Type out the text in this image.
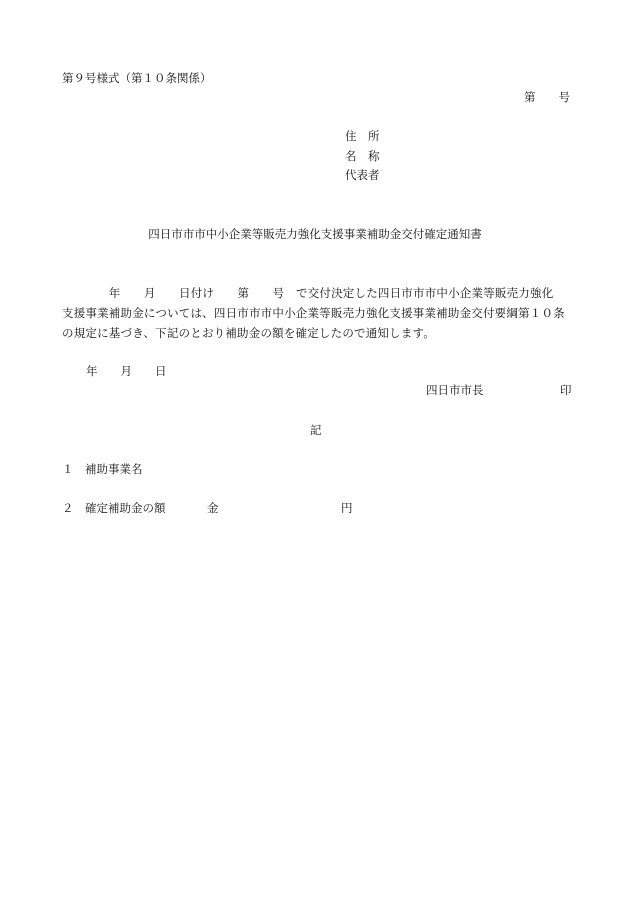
第９号様式（第１０条関係）
第　　号
住　所
名　称
代表者
四日市市市中小企業等販売力強化支援事業補助金交付確定通知書
　　　　年　　月　　日付け　　第　　号　で交付決定した四日市市市中小企業等販売力強化
支援事業補助金については、四日市市市中小企業等販売力強化支援事業補助金交付要綱第１０条
の規定に基づき、下記のとおり補助金の額を確定したので通知します。
年　　月　　日
四日市市長	印
記
１　補助事業名
２　確定補助金の額	金	円
